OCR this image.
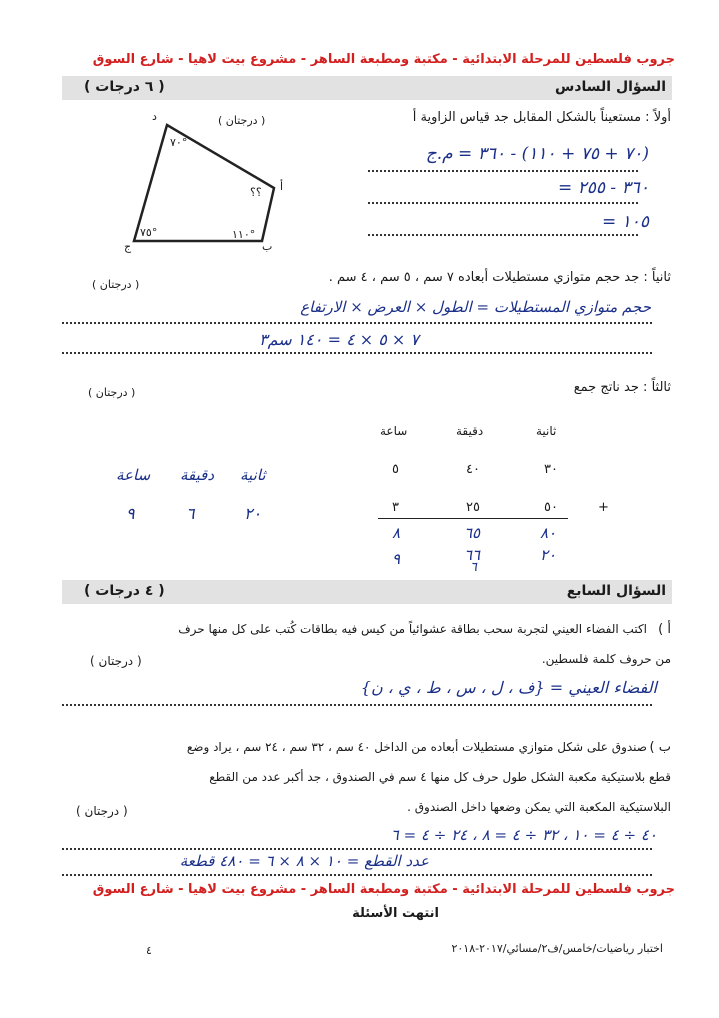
جروب فلسطين للمرحلة الابتدائية - مكتبة ومطبعة الساهر - مشروع بيت لاهيا - شارع السوق
السؤال السادس
( ٦ درجات )
أولاً : مستعيناً بالشكل المقابل جد قياس الزاوية أ
( درجتان )
د
أ
ب
ج
٧٠°
؟؟
١١٠°
٧٥°
(٧٠ + ٧٥ + ١١٠) - ٣٦٠ = م.ج
٣٦٠ - ٢٥٥ =
١٠٥ =
ثانياً : جد حجم متوازي مستطيلات أبعاده ٧ سم ، ٥ سم ، ٤ سم .
( درجتان )
حجم متوازي المستطيلات = الطول × العرض × الارتفاع
٧ × ٥ × ٤ = ١٤٠ سم٣
ثالثاً : جد ناتج جمع
( درجتان )
ثانية
دقيقة
ساعة
٣٠
٤٠
٥
٥٠
٢٥
٣	+
٨٠
٦٥
٨
٢٠
٦٦
٩	٦
ثانية
دقيقة
ساعة
٢٠
٦
٩
السؤال السابع
( ٤ درجات )
أ )
اكتب الفضاء العيني لتجربة سحب بطاقة عشوائياً من كيس فيه بطاقات كُتب على كل منها حرف
من حروف كلمة فلسطين.
( درجتان )
الفضاء العيني = {ف ، ل ، س ، ط ، ي ، ن}
ب )
صندوق على شكل متوازي مستطيلات أبعاده من الداخل ٤٠ سم ، ٣٢ سم ، ٢٤ سم ، يراد وضع
قطع بلاستيكية مكعبة الشكل طول حرف كل منها ٤ سم في الصندوق ، جد أكبر عدد من القطع
البلاستيكية المكعبة التي يمكن وضعها داخل الصندوق .
( درجتان )
٤٠ ÷ ٤ = ١٠ ، ٣٢ ÷ ٤ = ٨ ، ٢٤ ÷ ٤ = ٦
عدد القطع = ١٠ × ٨ × ٦ = ٤٨٠ قطعة
جروب فلسطين للمرحلة الابتدائية - مكتبة ومطبعة الساهر - مشروع بيت لاهيا - شارع السوق
انتهت الأسئلة
اختبار رياضيات/خامس/ف٢/مسائي/٢٠١٧-٢٠١٨
٤
